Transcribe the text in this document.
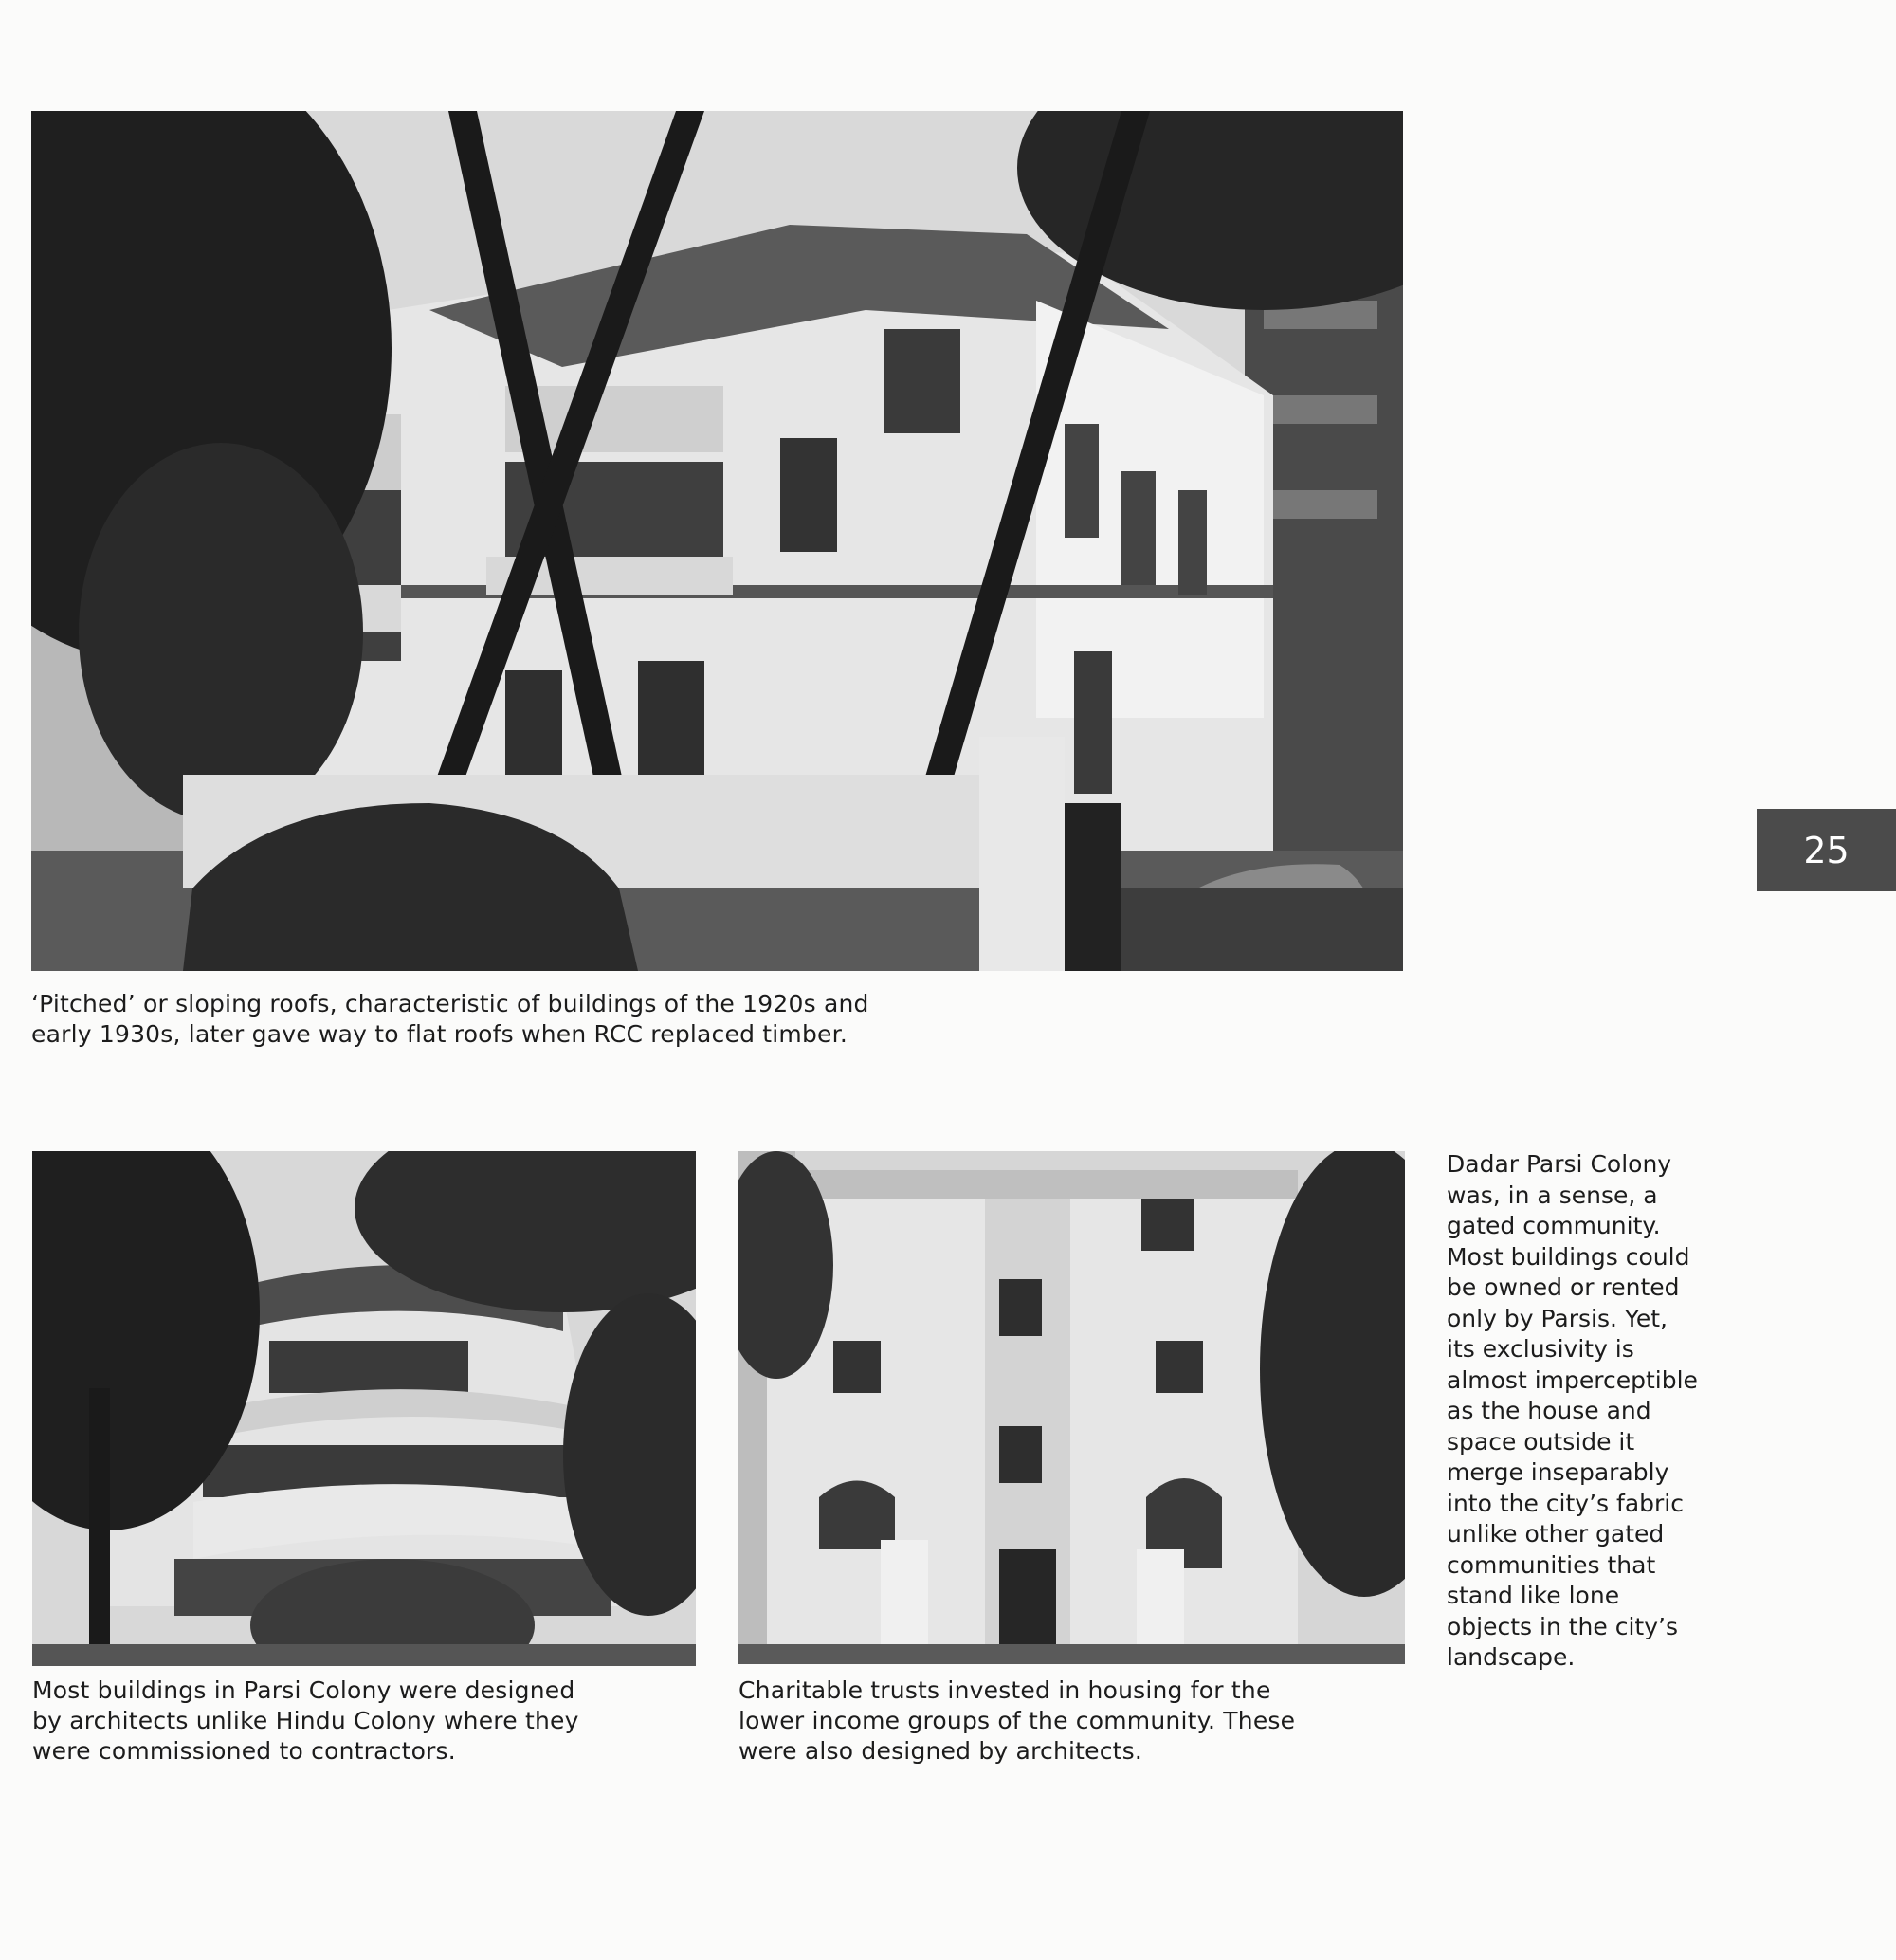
‘Pitched’ or sloping roofs, characteristic of buildings of the 1920s and
early 1930s, later gave way to flat roofs when RCC replaced timber.

Most buildings in Parsi Colony were designed
by architects unlike Hindu Colony where they
were commissioned to contractors.

Charitable trusts invested in housing for the
lower income groups of the community. These
were also designed by architects.

Dadar Parsi Colony
was, in a sense, a
gated community.
Most buildings could
be owned or rented
only by Parsis. Yet,
its exclusivity is
almost imperceptible
as the house and
space outside it
merge inseparably
into the city’s fabric
unlike other gated
communities that
stand like lone
objects in the city’s
landscape.

25
